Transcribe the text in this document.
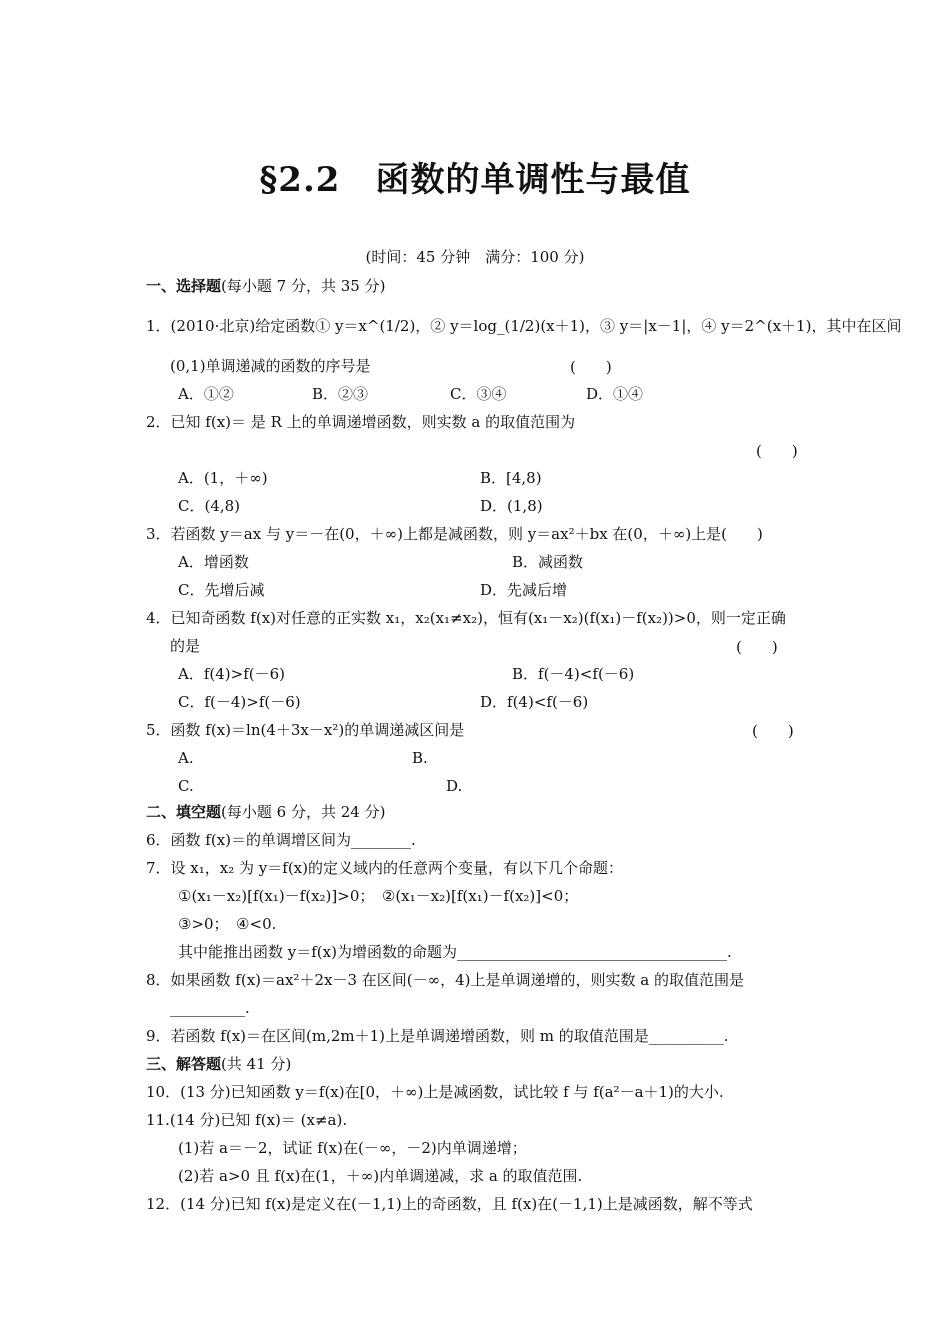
§2.2　函数的单调性与最值
(时间：45 分钟　满分：100 分)
一、选择题(每小题 7 分，共 35 分)
1．(2010·北京)给定函数① y＝x^(1/2)，② y＝log_(1/2)(x＋1)，③ y＝|x－1|，④ y＝2^(x＋1)，其中在区间
(0,1)单调递减的函数的序号是	(　　)
A．①②	B．②③	C．③④	D．①④
2．已知 f(x)＝ 是 R 上的单调递增函数，则实数 a 的取值范围为
(　　)
A．(1，＋∞)	B．[4,8)
C．(4,8)	D．(1,8)
3．若函数 y＝ax 与 y＝－在(0，＋∞)上都是减函数，则 y＝ax²＋bx 在(0，＋∞)上是(　　)
A．增函数	B．减函数
C．先增后减	D．先减后增
4．已知奇函数 f(x)对任意的正实数 x₁，x₂(x₁≠x₂)，恒有(x₁－x₂)(f(x₁)－f(x₂))>0，则一定正确
的是	(　　)
A．f(4)>f(－6)	B．f(－4)<f(－6)
C．f(－4)>f(－6)	D．f(4)<f(－6)
5．函数 f(x)＝ln(4＋3x－x²)的单调递减区间是	(　　)
A.	B.
C.	D.
二、填空题(每小题 6 分，共 24 分)
6．函数 f(x)＝的单调增区间为________.
7．设 x₁，x₂ 为 y＝f(x)的定义域内的任意两个变量，有以下几个命题：
①(x₁－x₂)[f(x₁)－f(x₂)]>0；　②(x₁－x₂)[f(x₁)－f(x₂)]<0；
③>0；　④<0.
其中能推出函数 y＝f(x)为增函数的命题为____________________________________.
8．如果函数 f(x)＝ax²＋2x－3 在区间(－∞，4)上是单调递增的，则实数 a 的取值范围是
__________.
9．若函数 f(x)＝在区间(m,2m＋1)上是单调递增函数，则 m 的取值范围是__________.
三、解答题(共 41 分)
10．(13 分)已知函数 y＝f(x)在[0，＋∞)上是减函数，试比较 f 与 f(a²－a＋1)的大小.
11.(14 分)已知 f(x)＝ (x≠a).
(1)若 a＝－2，试证 f(x)在(－∞，－2)内单调递增；
(2)若 a>0 且 f(x)在(1，＋∞)内单调递减，求 a 的取值范围.
12．(14 分)已知 f(x)是定义在(－1,1)上的奇函数，且 f(x)在(－1,1)上是减函数，解不等式
